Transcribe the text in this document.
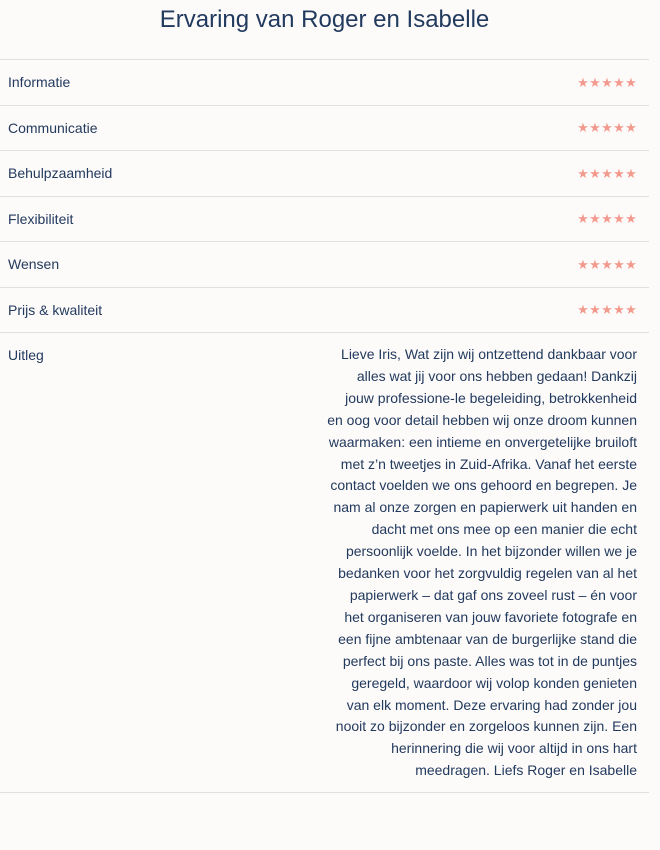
Ervaring van Roger en Isabelle
Informatie	★ ★ ★ ★ ★
Communicatie	★ ★ ★ ★ ★
Behulpzaamheid	★ ★ ★ ★ ★
Flexibiliteit	★ ★ ★ ★ ★
Wensen	★ ★ ★ ★ ★
Prijs & kwaliteit	★ ★ ★ ★ ★
Uitleg	Lieve Iris, Wat zijn wij ontzettend dankbaar voor alles wat jij voor ons hebben gedaan! Dankzij jouw professione-le begeleiding, betrokkenheid en oog voor detail hebben wij onze droom kunnen waarmaken: een intieme en onvergetelijke bruiloft met z’n tweetjes in Zuid-Afrika. Vanaf het eerste contact voelden we ons gehoord en begrepen. Je nam al onze zorgen en papierwerk uit handen en dacht met ons mee op een manier die echt persoonlijk voelde. In het bijzonder willen we je bedanken voor het zorgvuldig regelen van al het papierwerk – dat gaf ons zoveel rust – én voor het organiseren van jouw favoriete fotografe en een fijne ambtenaar van de burgerlijke stand die perfect bij ons paste. Alles was tot in de puntjes geregeld, waardoor wij volop konden genieten van elk moment. Deze ervaring had zonder jou nooit zo bijzonder en zorgeloos kunnen zijn. Een herinnering die wij voor altijd in ons hart meedragen. Liefs Roger en Isabelle
